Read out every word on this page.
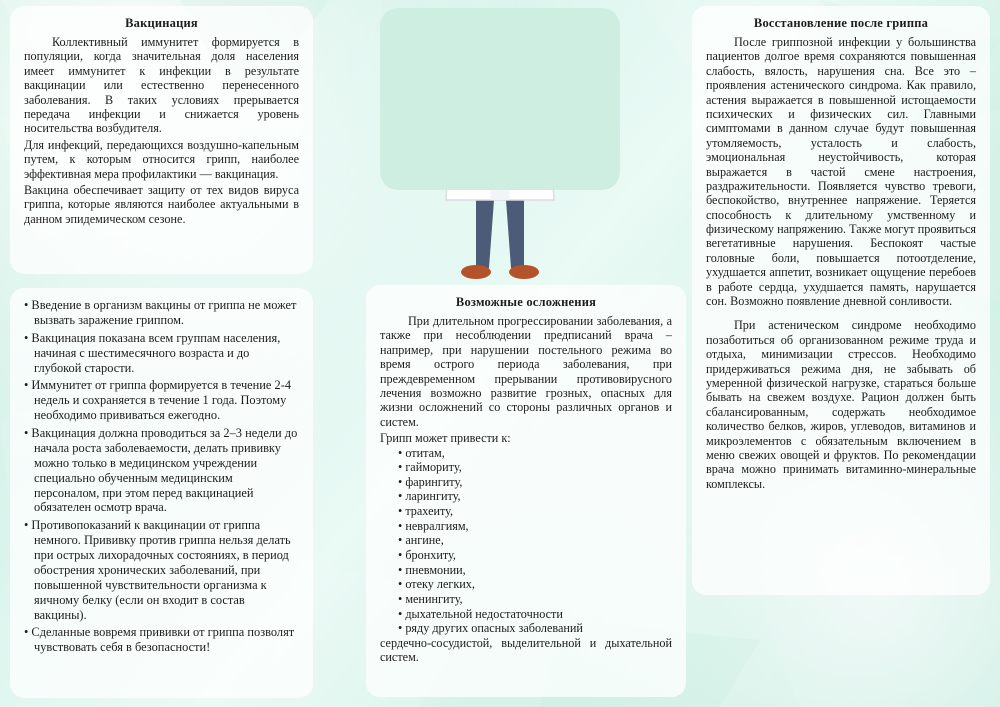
Вакцинация

Коллективный иммунитет формируется в популяции, когда значительная доля населения имеет иммунитет к инфекции в результате вакцинации или естественно перенесенного заболевания. В таких условиях прерывается передача инфекции и снижается уровень носительства возбудителя.

Для инфекций, передающихся воздушно-капельным путем, к которым относится грипп, наиболее эффективная мера профилактики — вакцинация.

Вакцина обеспечивает защиту от тех видов вируса гриппа, которые являются наиболее актуальными в данном эпидемическом сезоне.

• Введение в организм вакцины от гриппа не может вызвать заражение гриппом.
• Вакцинация показана всем группам населения, начиная с шестимесячного возраста и до глубокой старости.
• Иммунитет от гриппа формируется в течение 2-4 недель и сохраняется в течение 1 года. Поэтому необходимо прививаться ежегодно.
• Вакцинация должна проводиться за 2–3 недели до начала роста заболеваемости, делать прививку можно только в медицинском учреждении специально обученным медицинским персоналом, при этом перед вакцинацией обязателен осмотр врача.
• Противопоказаний к вакцинации от гриппа немного. Прививку против гриппа нельзя делать при острых лихорадочных состояниях, в период обострения хронических заболеваний, при повышенной чувствительности организма к яичному белку (если он входит в состав вакцины).
• Сделанные вовремя прививки от гриппа позволят чувствовать себя в безопасности!
Возможные осложнения

При длительном прогрессировании заболевания, а также при несоблюдении предписаний врача – например, при нарушении постельного режима во время острого периода заболевания, при преждевременном прерывании противовирусного лечения возможно развитие грозных, опасных для жизни осложнений со стороны различных органов и систем.

Грипп может привести к:

• отитам,
• гаймориту,
• фарингиту,
• ларингиту,
• трахеиту,
• невралгиям,
• ангине,
• бронхиту,
• пневмонии,
• отеку легких,
• менингиту,
• дыхательной недостаточности
• ряду других опасных заболеваний

сердечно-сосудистой, выделительной и дыхательной систем.

Восстановление после гриппа

После гриппозной инфекции у большинства пациентов долгое время сохраняются повышенная слабость, вялость, нарушения сна. Все это – проявления астенического синдрома. Как правило, астения выражается в повышенной истощаемости психических и физических сил. Главными симптомами в данном случае будут повышенная утомляемость, усталость и слабость, эмоциональная неустойчивость, которая выражается в частой смене настроения, раздражительности. Появляется чувство тревоги, беспокойство, внутреннее напряжение. Теряется способность к длительному умственному и физическому напряжению. Также могут проявиться вегетативные нарушения. Беспокоят частые головные боли, повышается потоотделение, ухудшается аппетит, возникает ощущение перебоев в работе сердца, ухудшается память, нарушается сон. Возможно появление дневной сонливости.

При астеническом синдроме необходимо позаботиться об организованном режиме труда и отдыха, минимизации стрессов. Необходимо придерживаться режима дня, не забывать об умеренной физической нагрузке, стараться больше бывать на свежем воздухе. Рацион должен быть сбалансированным, содержать необходимое количество белков, жиров, углеводов, витаминов и микроэлементов с обязательным включением в меню свежих овощей и фруктов. По рекомендации врача можно принимать витаминно-минеральные комплексы.
